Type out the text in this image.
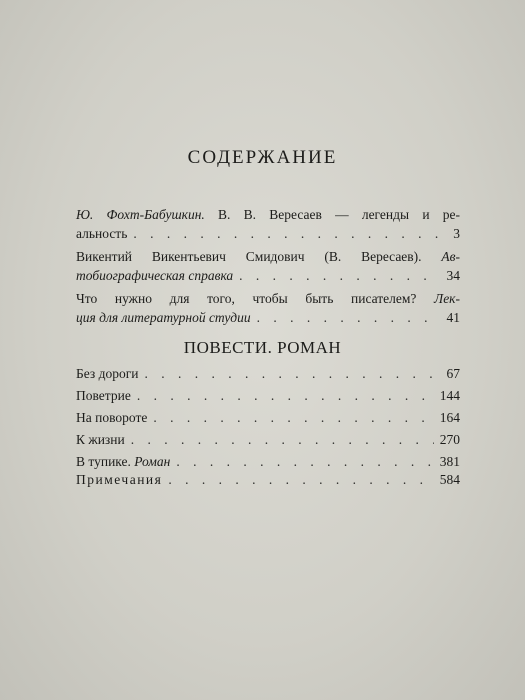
СОДЕРЖАНИЕ
Ю. Фохт-Бабушкин. В. В. Вересаев — легенды и ре-
альность . . .	3
Викентий Викентьевич Смидович (В. Вересаев). Ав-
тобиографическая справка . . .	34
Что нужно для того, чтобы быть писателем? Лек-
ция для литературной студии . . .	41
ПОВЕСТИ. РОМАН
Без дороги . . .	67
Поветрие . . .	144
На повороте . . .	164
К жизни . . .	270
В тупике. Роман . . .	381
Примечания . . .	584
